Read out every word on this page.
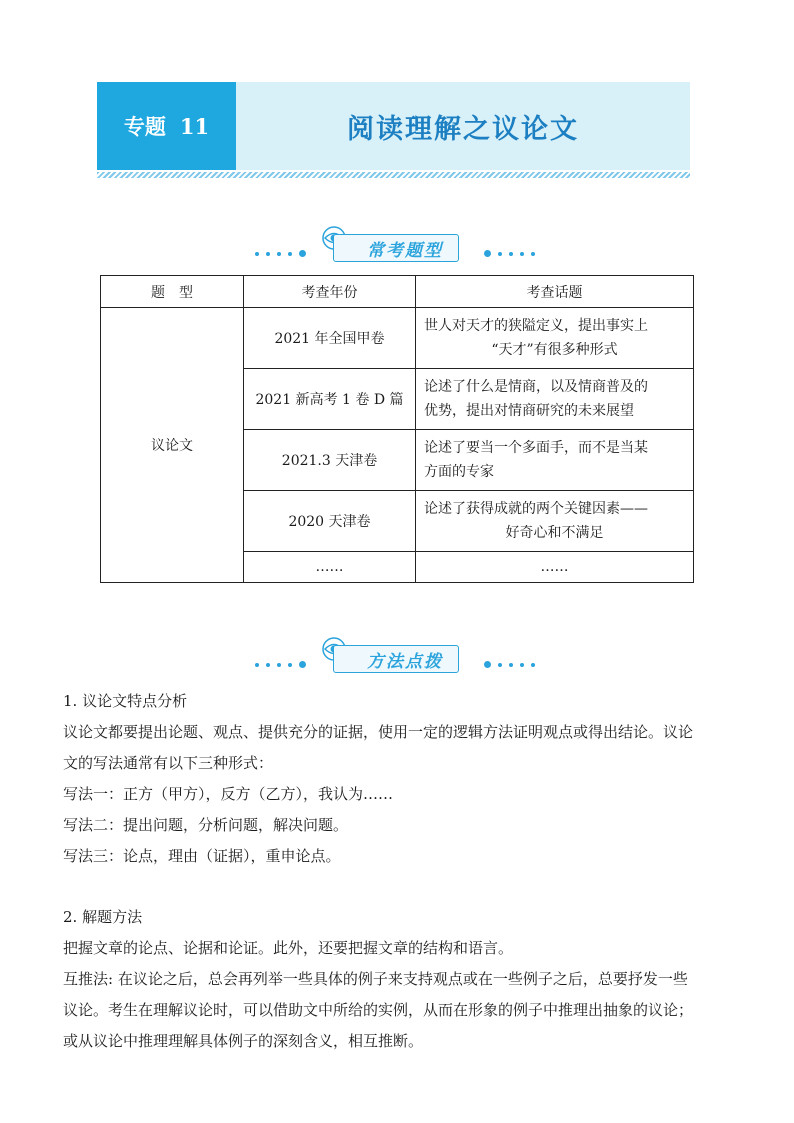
专题 11	阅读理解之议论文
常考题型
题　型	考查年份	考查话题
议论文	2021 年全国甲卷	世人对天才的狭隘定义，提出事实上
“天才”有很多种形式

	2021 新高考 1 卷 D 篇	论述了什么是情商，以及情商普及的
优势，提出对情商研究的未来展望

	2021.3 天津卷	论述了要当一个多面手，而不是当某
方面的专家

	2020 天津卷	论述了获得成就的两个关键因素——
好奇心和不满足

	……	……
方法点拨

1. 议论文特点分析

议论文都要提出论题、观点、提供充分的证据，使用一定的逻辑方法证明观点或得出结论。议论

文的写法通常有以下三种形式：

写法一：正方（甲方），反方（乙方），我认为……

写法二：提出问题，分析问题，解决问题。

写法三：论点，理由（证据），重申论点。

2. 解题方法

把握文章的论点、论据和论证。此外，还要把握文章的结构和语言。

互推法: 在议论之后，总会再列举一些具体的例子来支持观点或在一些例子之后，总要抒发一些

议论。考生在理解议论时，可以借助文中所给的实例，从而在形象的例子中推理出抽象的议论；

或从议论中推理理解具体例子的深刻含义，相互推断。
